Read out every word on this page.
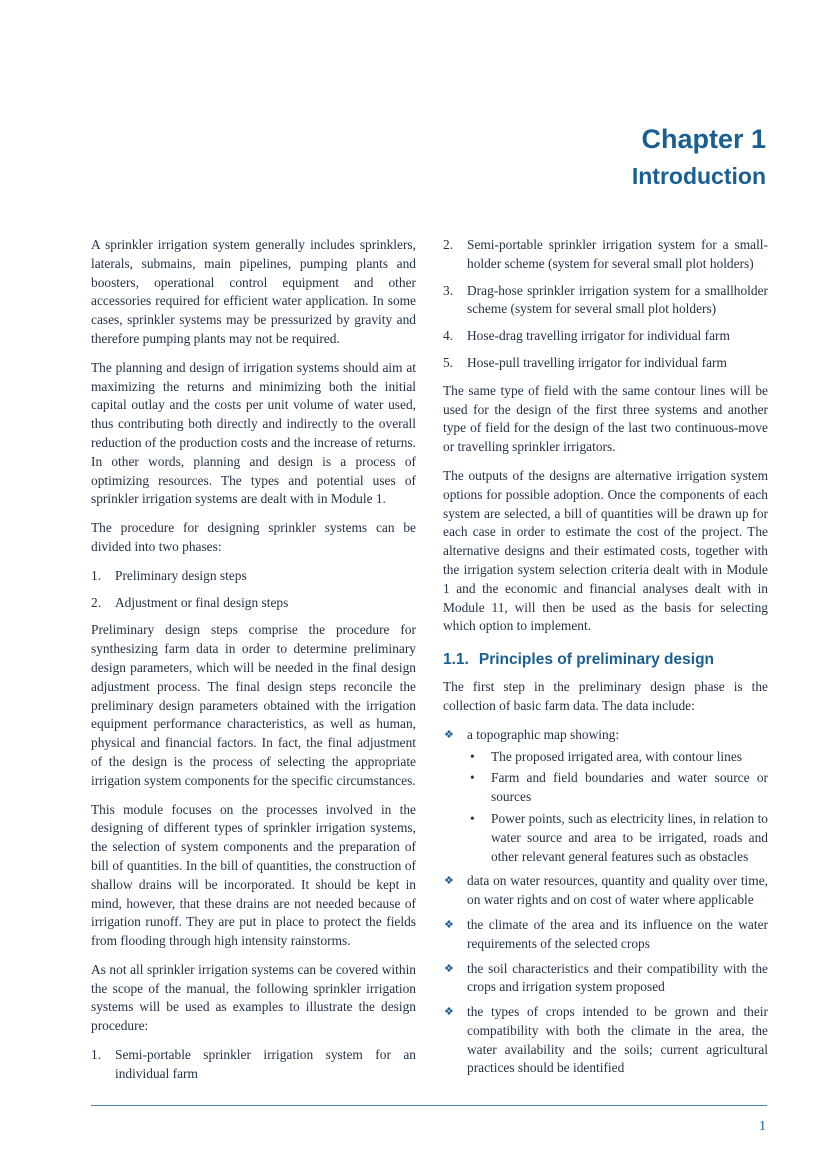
Chapter 1
Introduction

A sprinkler irrigation system generally includes sprinklers, laterals, submains, main pipelines, pumping plants and boosters, operational control equipment and other accessories required for efficient water application. In some cases, sprinkler systems may be pressurized by gravity and therefore pumping plants may not be required.

The planning and design of irrigation systems should aim at maximizing the returns and minimizing both the initial capital outlay and the costs per unit volume of water used, thus contributing both directly and indirectly to the overall reduction of the production costs and the increase of returns. In other words, planning and design is a process of optimizing resources. The types and potential uses of sprinkler irrigation systems are dealt with in Module 1.

The procedure for designing sprinkler systems can be divided into two phases:

1. Preliminary design steps
2. Adjustment or final design steps

Preliminary design steps comprise the procedure for synthesizing farm data in order to determine preliminary design parameters, which will be needed in the final design adjustment process. The final design steps reconcile the preliminary design parameters obtained with the irrigation equipment performance characteristics, as well as human, physical and financial factors. In fact, the final adjustment of the design is the process of selecting the appropriate irrigation system components for the specific circumstances.

This module focuses on the processes involved in the designing of different types of sprinkler irrigation systems, the selection of system components and the preparation of bill of quantities. In the bill of quantities, the construction of shallow drains will be incorporated. It should be kept in mind, however, that these drains are not needed because of irrigation runoff. They are put in place to protect the fields from flooding through high intensity rainstorms.

As not all sprinkler irrigation systems can be covered within the scope of the manual, the following sprinkler irrigation systems will be used as examples to illustrate the design procedure:

1. Semi-portable sprinkler irrigation system for an individual farm
2. Semi-portable sprinkler irrigation system for a small-holder scheme (system for several small plot holders)
3. Drag-hose sprinkler irrigation system for a smallholder scheme (system for several small plot holders)
4. Hose-drag travelling irrigator for individual farm
5. Hose-pull travelling irrigator for individual farm

The same type of field with the same contour lines will be used for the design of the first three systems and another type of field for the design of the last two continuous-move or travelling sprinkler irrigators.

The outputs of the designs are alternative irrigation system options for possible adoption. Once the components of each system are selected, a bill of quantities will be drawn up for each case in order to estimate the cost of the project. The alternative designs and their estimated costs, together with the irrigation system selection criteria dealt with in Module 1 and the economic and financial analyses dealt with in Module 11, will then be used as the basis for selecting which option to implement.

1.1. Principles of preliminary design

The first step in the preliminary design phase is the collection of basic farm data. The data include:

❖ a topographic map showing:
• The proposed irrigated area, with contour lines
• Farm and field boundaries and water source or sources
• Power points, such as electricity lines, in relation to water source and area to be irrigated, roads and other relevant general features such as obstacles
❖ data on water resources, quantity and quality over time, on water rights and on cost of water where applicable
❖ the climate of the area and its influence on the water requirements of the selected crops
❖ the soil characteristics and their compatibility with the crops and irrigation system proposed
❖ the types of crops intended to be grown and their compatibility with both the climate in the area, the water availability and the soils; current agricultural practices should be identified
1
